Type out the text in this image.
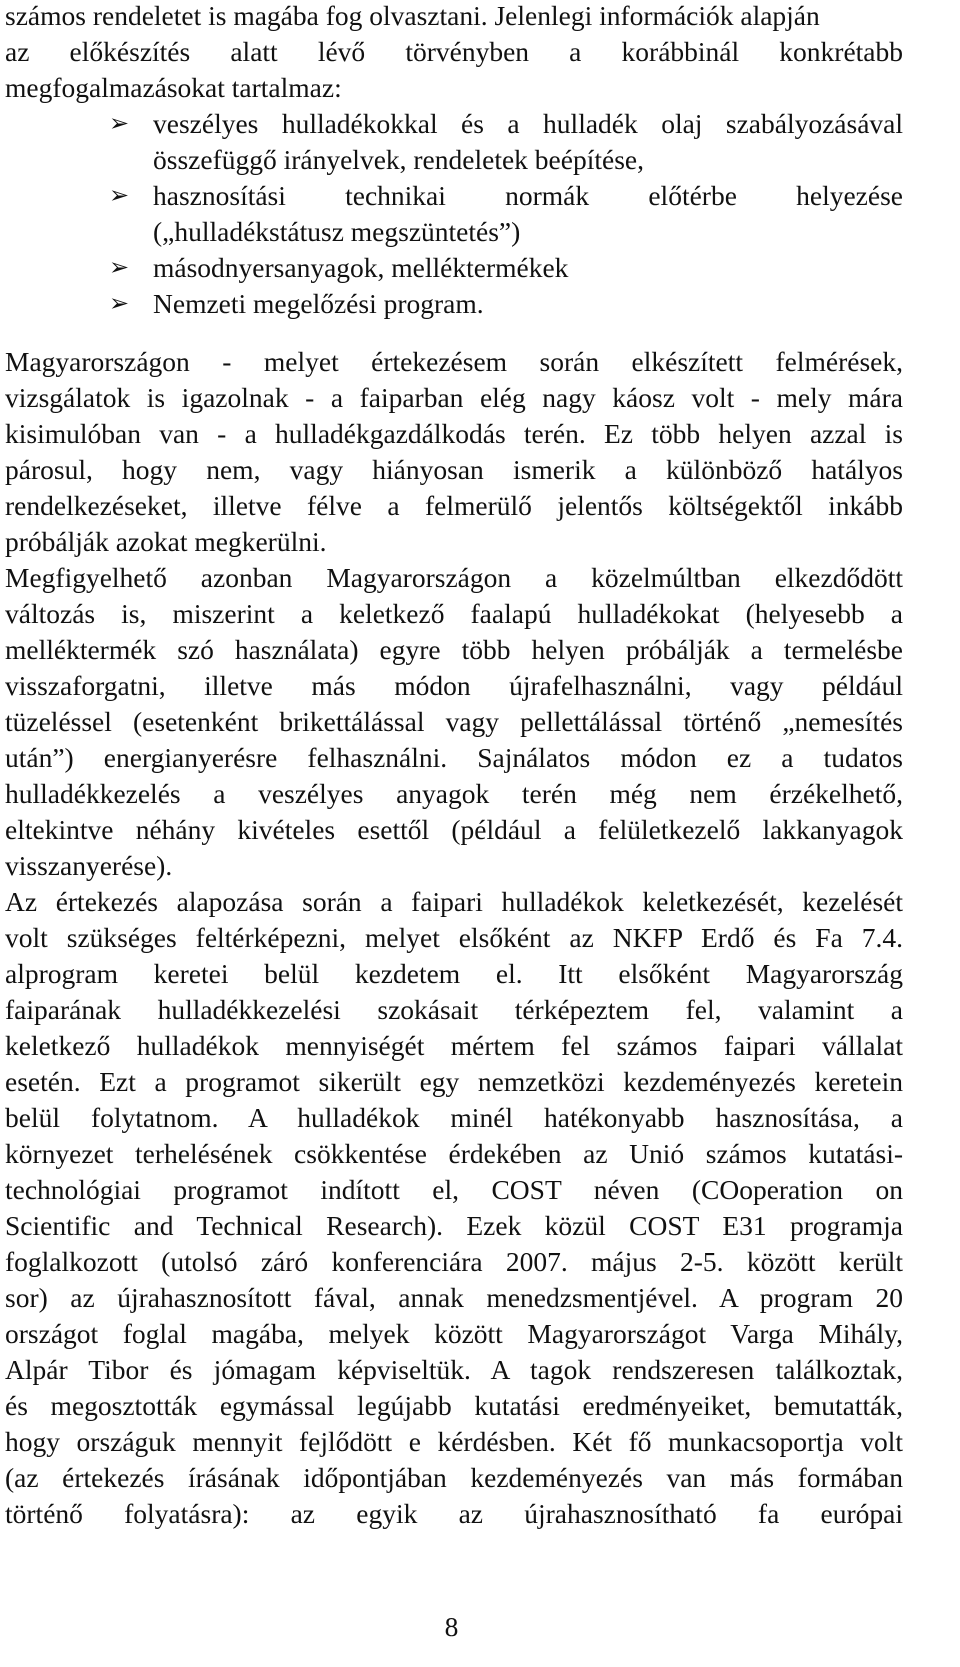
számos rendeletet is magába fog olvasztani. Jelenlegi információk alapján
az előkészítés alatt lévő törvényben a korábbinál konkrétabb
megfogalmazásokat tartalmaz:
➢ veszélyes hulladékokkal és a hulladék olaj szabályozásával
összefüggő irányelvek, rendeletek beépítése,
➢ hasznosítási technikai normák előtérbe helyezése
(„hulladékstátusz megszüntetés”)
➢ másodnyersanyagok, melléktermékek
➢ Nemzeti megelőzési program.
Magyarországon - melyet értekezésem során elkészített felmérések,
vizsgálatok is igazolnak - a faiparban elég nagy káosz volt - mely mára
kisimulóban van - a hulladékgazdálkodás terén. Ez több helyen azzal is
párosul, hogy nem, vagy hiányosan ismerik a különböző hatályos
rendelkezéseket, illetve félve a felmerülő jelentős költségektől inkább
próbálják azokat megkerülni.
Megfigyelhető azonban Magyarországon a közelmúltban elkezdődött
változás is, miszerint a keletkező faalapú hulladékokat (helyesebb a
melléktermék szó használata) egyre több helyen próbálják a termelésbe
visszaforgatni, illetve más módon újrafelhasználni, vagy például
tüzeléssel (esetenként brikettálással vagy pellettálással történő „nemesítés
után”) energianyerésre felhasználni. Sajnálatos módon ez a tudatos
hulladékkezelés a veszélyes anyagok terén még nem érzékelhető,
eltekintve néhány kivételes esettől (például a felületkezelő lakkanyagok
visszanyerése).
Az értekezés alapozása során a faipari hulladékok keletkezését, kezelését
volt szükséges feltérképezni, melyet elsőként az NKFP Erdő és Fa 7.4.
alprogram keretei belül kezdetem el. Itt elsőként Magyarország
faiparának hulladékkezelési szokásait térképeztem fel, valamint a
keletkező hulladékok mennyiségét mértem fel számos faipari vállalat
esetén. Ezt a programot sikerült egy nemzetközi kezdeményezés keretein
belül folytatnom. A hulladékok minél hatékonyabb hasznosítása, a
környezet terhelésének csökkentése érdekében az Unió számos kutatási-
technológiai programot indított el, COST néven (COoperation on
Scientific and Technical Research). Ezek közül COST E31 programja
foglalkozott (utolsó záró konferenciára 2007. május 2-5. között került
sor) az újrahasznosított fával, annak menedzsmentjével. A program 20
országot foglal magába, melyek között Magyarországot Varga Mihály,
Alpár Tibor és jómagam képviseltük. A tagok rendszeresen találkoztak,
és megosztották egymással legújabb kutatási eredményeiket, bemutatták,
hogy országuk mennyit fejlődött e kérdésben. Két fő munkacsoportja volt
(az értekezés írásának időpontjában kezdeményezés van más formában
történő folyatásra): az egyik az újrahasznosítható fa európai
8
